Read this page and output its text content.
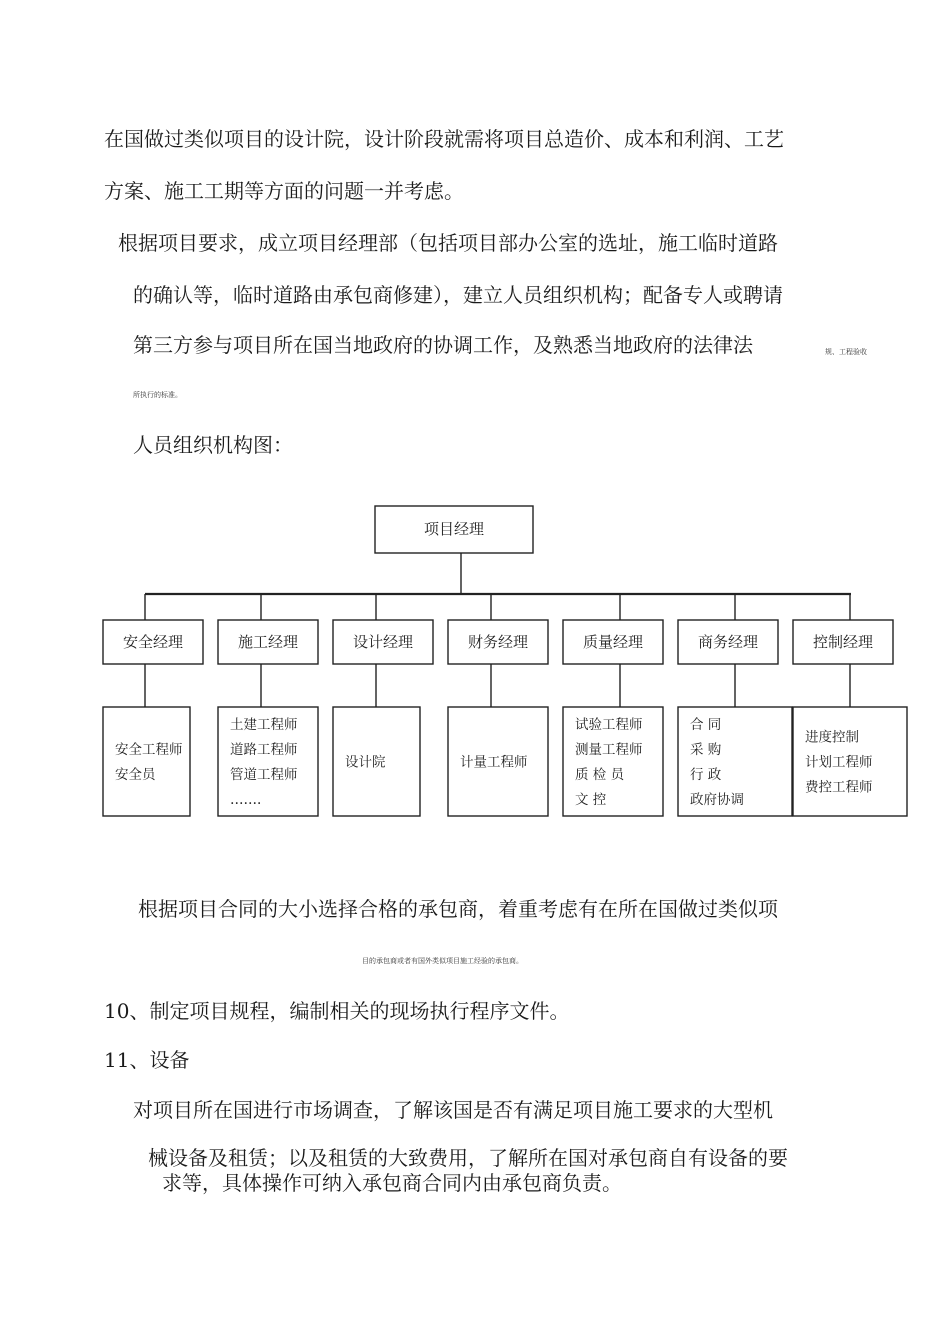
在国做过类似项目的设计院，设计阶段就需将项目总造价、成本和利润、工艺
方案、施工工期等方面的问题一并考虑。
根据项目要求，成立项目经理部（包括项目部办公室的选址，施工临时道路
的确认等，临时道路由承包商修建），建立人员组织机构；配备专人或聘请
第三方参与项目所在国当地政府的协调工作，及熟悉当地政府的法律法	规、工程验收
所执行的标准。
人员组织机构图：
项目经理
安全经理
安全工程师
安全员
施工经理
土建工程师
道路工程师
管道工程师
…….
设计经理
设计院
财务经理
计量工程师
质量经理
试验工程师
测量工程师
质 检 员
文 控
商务经理
合 同
采 购
行 政
政府协调
控制经理
进度控制
计划工程师
费控工程师
根据项目合同的大小选择合格的承包商，着重考虑有在所在国做过类似项
目的承包商或者有国外类似项目施工经验的承包商。
10、制定项目规程，编制相关的现场执行程序文件。
11、设备
对项目所在国进行市场调查，了解该国是否有满足项目施工要求的大型机
械设备及租赁；以及租赁的大致费用，了解所在国对承包商自有设备的要
求等，具体操作可纳入承包商合同内由承包商负责。
